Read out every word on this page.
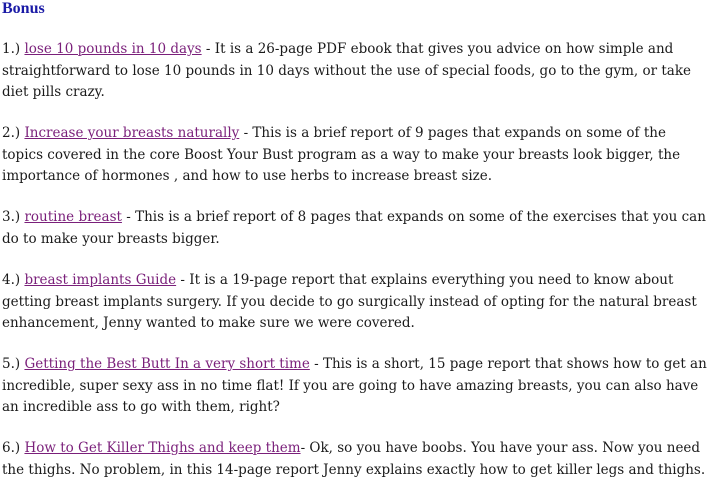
Bonus

1.) lose 10 pounds in 10 days - It is a 26-page PDF ebook that gives you advice on how simple and straightforward to lose 10 pounds in 10 days without the use of special foods, go to the gym, or take diet pills crazy.

2.) Increase your breasts naturally - This is a brief report of 9 pages that expands on some of the topics covered in the core Boost Your Bust program as a way to make your breasts look bigger, the importance of hormones , and how to use herbs to increase breast size.

3.) routine breast - This is a brief report of 8 pages that expands on some of the exercises that you can do to make your breasts bigger.

4.) breast implants Guide - It is a 19-page report that explains everything you need to know about getting breast implants surgery. If you decide to go surgically instead of opting for the natural breast enhancement, Jenny wanted to make sure we were covered.

5.) Getting the Best Butt In a very short time - This is a short, 15 page report that shows how to get an incredible, super sexy ass in no time flat! If you are going to have amazing breasts, you can also have an incredible ass to go with them, right?

6.) How to Get Killer Thighs and keep them- Ok, so you have boobs. You have your ass. Now you need the thighs. No problem, in this 14-page report Jenny explains exactly how to get killer legs and thighs.
